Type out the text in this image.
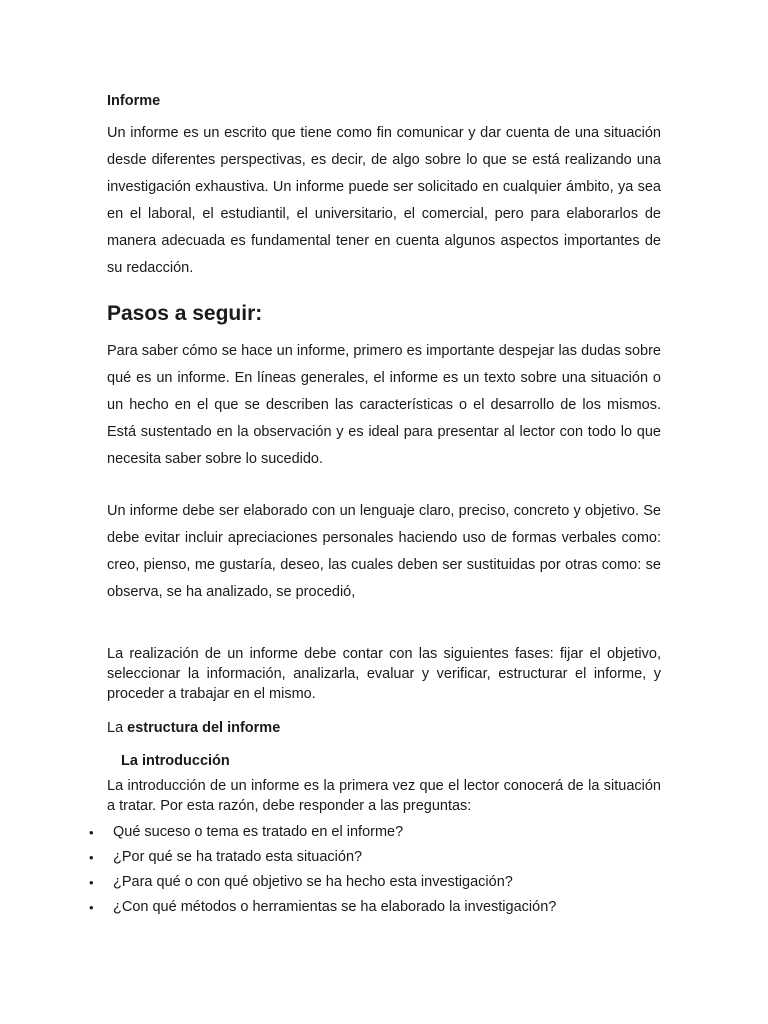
Informe

Un informe es un escrito que tiene como fin comunicar y dar cuenta de una situación desde diferentes perspectivas, es decir, de algo sobre lo que se está realizando una investigación exhaustiva. Un informe puede ser solicitado en cualquier ámbito, ya sea en el laboral, el estudiantil, el universitario, el comercial, pero para elaborarlos de manera adecuada es fundamental tener en cuenta algunos aspectos importantes de su redacción.

Pasos a seguir:

Para saber cómo se hace un informe, primero es importante despejar las dudas sobre qué es un informe. En líneas generales, el informe es un texto sobre una situación o un hecho en el que se describen las características o el desarrollo de los mismos. Está sustentado en la observación y es ideal para presentar al lector con todo lo que necesita saber sobre lo sucedido.

Un informe debe ser elaborado con un lenguaje claro, preciso, concreto y objetivo. Se debe evitar incluir apreciaciones personales haciendo uso de formas verbales como: creo, pienso, me gustaría, deseo, las cuales deben ser sustituidas por otras como: se observa, se ha analizado, se procedió,

La realización de un informe debe contar con las siguientes fases: fijar el objetivo, seleccionar la información, analizarla, evaluar y verificar, estructurar el informe, y proceder a trabajar en el mismo.

La estructura del informe

La introducción

La introducción de un informe es la primera vez que el lector conocerá de la situación a tratar. Por esta razón, debe responder a las preguntas:

• Qué suceso o tema es tratado en el informe?
• ¿Por qué se ha tratado esta situación?
• ¿Para qué o con qué objetivo se ha hecho esta investigación?
• ¿Con qué métodos o herramientas se ha elaborado la investigación?
